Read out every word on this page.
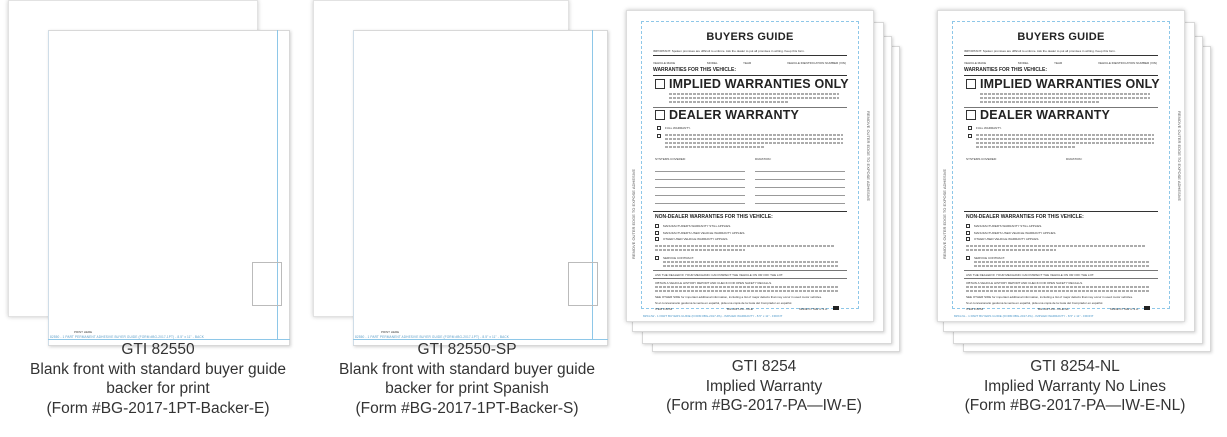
PRINT HERE
82550 - 1 PART PERMANENT ADHESIVE BUYER GUIDE (FORM #BG-2017-1PT) - 8.5" x 11" - BACK
GTI 82550
Blank front with standard buyer guide
backer for print
(Form #BG-2017-1PT-Backer-E)
PRINT HERE
82550 - 1 PART PERMANENT ADHESIVE BUYER GUIDE (FORM #BG-2017-1PT) - 8.5" x 11" - BACK
GTI 82550-SP
Blank front with standard buyer guide
backer for print Spanish
(Form #BG-2017-1PT-Backer-S)
BUYERS GUIDE
IMPORTANT: Spoken promises are difficult to enforce. Ask the dealer to put all promises in writing. Keep this form.
VEHICLE MAKE	MODEL	YEAR	VEHICLE IDENTIFICATION NUMBER (VIN)
WARRANTIES FOR THIS VEHICLE:
IMPLIED WARRANTIES ONLY
DEALER WARRANTY
FULL WARRANTY.
SYSTEMS COVERED:	DURATION:
NON-DEALER WARRANTIES FOR THIS VEHICLE:
MANUFACTURER'S WARRANTY STILL APPLIES.
MANUFACTURER'S USED VEHICLE WARRANTY APPLIES.
OTHER USED VEHICLE WARRANTY APPLIES.
SERVICE CONTRACT.
ASK THE DEALER IF YOUR MECHANIC CAN INSPECT THE VEHICLE ON OR OFF THE LOT.
OBTAIN A VEHICLE HISTORY REPORT AND CHECK FOR OPEN SAFETY RECALLS.
SEE OTHER SIDE for important additional information, including a list of major defects that may occur in used motor vehicles.
Si el concesionario gestiona la venta en español, pida una copia de la Guía del Comprador en español.
ITEM # 8254	BG-2017-PA - IW-E	MADE IN THE U.S.A.
REMOVE OUTER EDGE TO EXPOSE ADHESIVE
REMOVE OUTER EDGE TO EXPOSE ADHESIVE
8254-IW - 1 PART BUYERS GUIDE (FORM #BG-2017-PA) - IMPLIED WARRANTY - 8.5" x 11" - FRONT
GTI 8254
Implied Warranty
(Form #BG-2017-PA—IW-E)
BUYERS GUIDE
IMPORTANT: Spoken promises are difficult to enforce. Ask the dealer to put all promises in writing. Keep this form.
VEHICLE MAKE	MODEL	YEAR	VEHICLE IDENTIFICATION NUMBER (VIN)
WARRANTIES FOR THIS VEHICLE:
IMPLIED WARRANTIES ONLY
DEALER WARRANTY
FULL WARRANTY.
SYSTEMS COVERED:	DURATION:
NON-DEALER WARRANTIES FOR THIS VEHICLE:
MANUFACTURER'S WARRANTY STILL APPLIES.
MANUFACTURER'S USED VEHICLE WARRANTY APPLIES.
OTHER USED VEHICLE WARRANTY APPLIES.
SERVICE CONTRACT.
ASK THE DEALER IF YOUR MECHANIC CAN INSPECT THE VEHICLE ON OR OFF THE LOT.
OBTAIN A VEHICLE HISTORY REPORT AND CHECK FOR OPEN SAFETY RECALLS.
SEE OTHER SIDE for important additional information, including a list of major defects that may occur in used motor vehicles.
Si el concesionario gestiona la venta en español, pida una copia de la Guía del Comprador en español.
ITEM # 8254	BG-2017-PA - IW-E-NL	MADE IN THE U.S.A.
REMOVE OUTER EDGE TO EXPOSE ADHESIVE
REMOVE OUTER EDGE TO EXPOSE ADHESIVE
8254-NL - 1 PART BUYERS GUIDE (FORM #BG-2017-PA) - IMPLIED WARRANTY - 8.5" x 11" - FRONT
GTI 8254-NL
Implied Warranty No Lines
(Form #BG-2017-PA—IW-E-NL)
